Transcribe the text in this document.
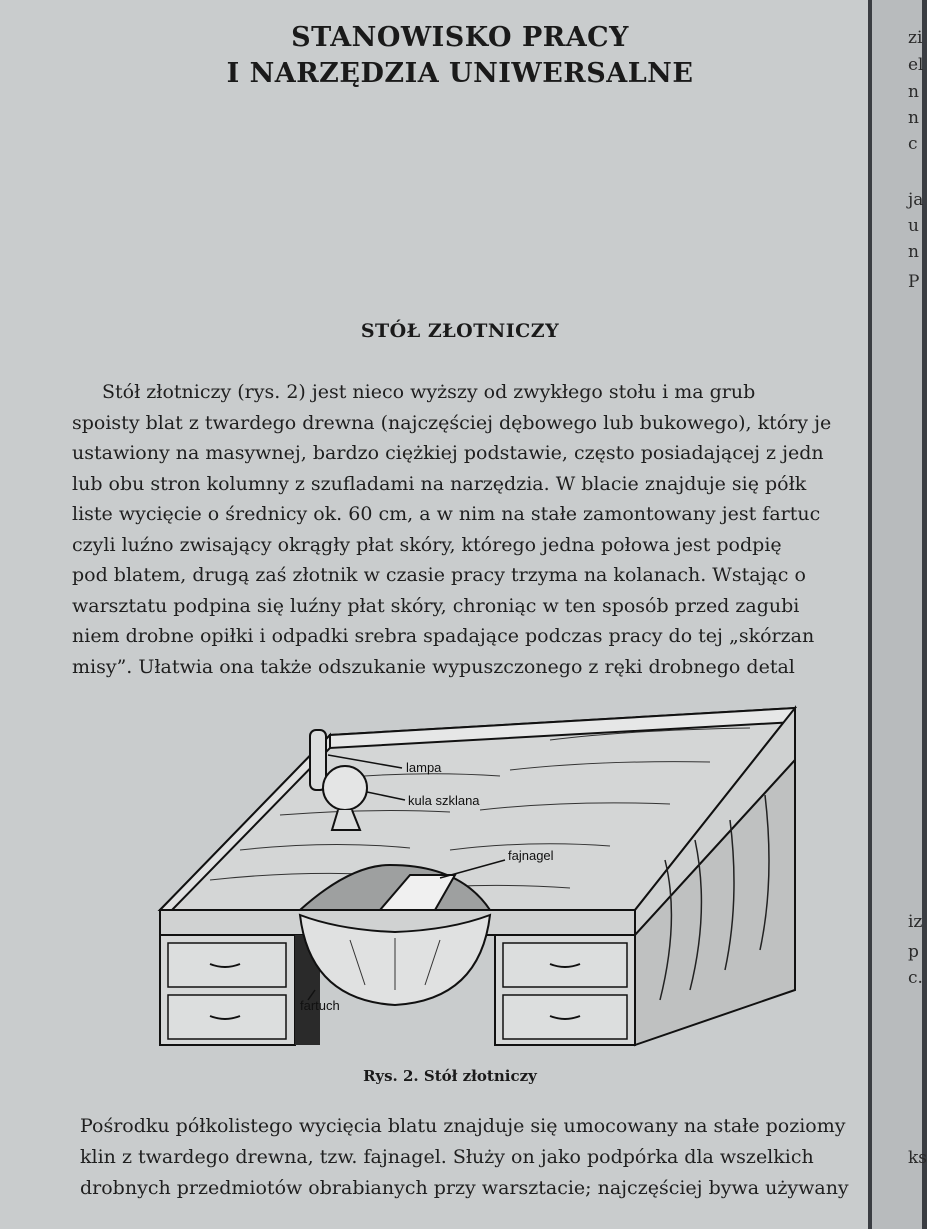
STANOWISKO PRACY
I NARZĘDZIA UNIWERSALNE
STÓŁ ZŁOTNICZY
Stół złotniczy (rys. 2) jest nieco wyższy od zwykłego stołu i ma grub
spoisty blat z twardego drewna (najczęściej dębowego lub bukowego), który je
ustawiony na masywnej, bardzo ciężkiej podstawie, często posiadającej z jedn
lub obu stron kolumny z szufladami na narzędzia. W blacie znajduje się półk
liste wycięcie o średnicy ok. 60 cm, a w nim na stałe zamontowany jest fartuc
czyli luźno zwisający okrągły płat skóry, którego jedna połowa jest podpię
pod blatem, drugą zaś złotnik w czasie pracy trzyma na kolanach. Wstając o
warsztatu podpina się luźny płat skóry, chroniąc w ten sposób przed zagubi
niem drobne opiłki i odpadki srebra spadające podczas pracy do tej „skórzan
misy”. Ułatwia ona także odszukanie wypuszczonego z ręki drobnego detal
lampa
kula szklana
fajnagel
fartuch
Rys. 2. Stół złotniczy
Pośrodku półkolistego wycięcia blatu znajduje się umocowany na stałe poziomy
klin z twardego drewna, tzw. fajnagel. Służy on jako podpórka dla wszelkich
drobnych przedmiotów obrabianych przy warsztacie; najczęściej bywa używany
zi
el
n
n
c
ja
u
n
P
iz
p
c.
ks
